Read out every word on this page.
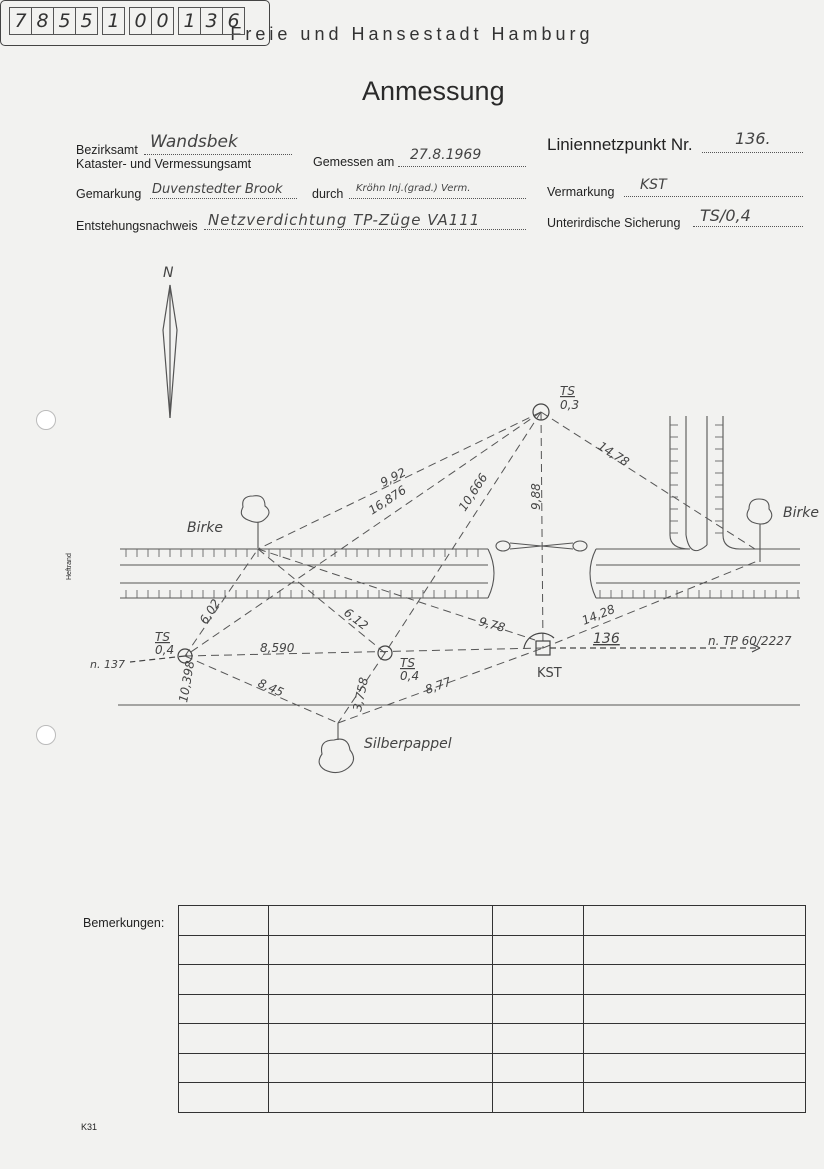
Freie und Hansestadt Hamburg
Anmessung
7 8 5 5 1 0 0 1 3 6
Bezirksamt Wandsbek
Kataster- und Vermessungsamt	Gemessen am 27.8.1969
Gemarkung Duvenstedter Brook durch Kröhn Inj.(grad.) Verm.
Entstehungsnachweis Netzverdichtung TP-Züge VA111
Liniennetzpunkt Nr.	136.
Vermarkung KST
Unterirdische Sicherung TS/0,4
Heftrand
N
Birke
Birke
Silberpappel
KST
136	n. TP 60/2227
n. 137
TS
0,3
TS
0,4
TS
0,4
9,92
16,876	10,666	9,88
14,78
6,02	6,12
8,590
9,78	14,28
8,45	3,758	8,77
10,398
Bemerkungen:

K31
